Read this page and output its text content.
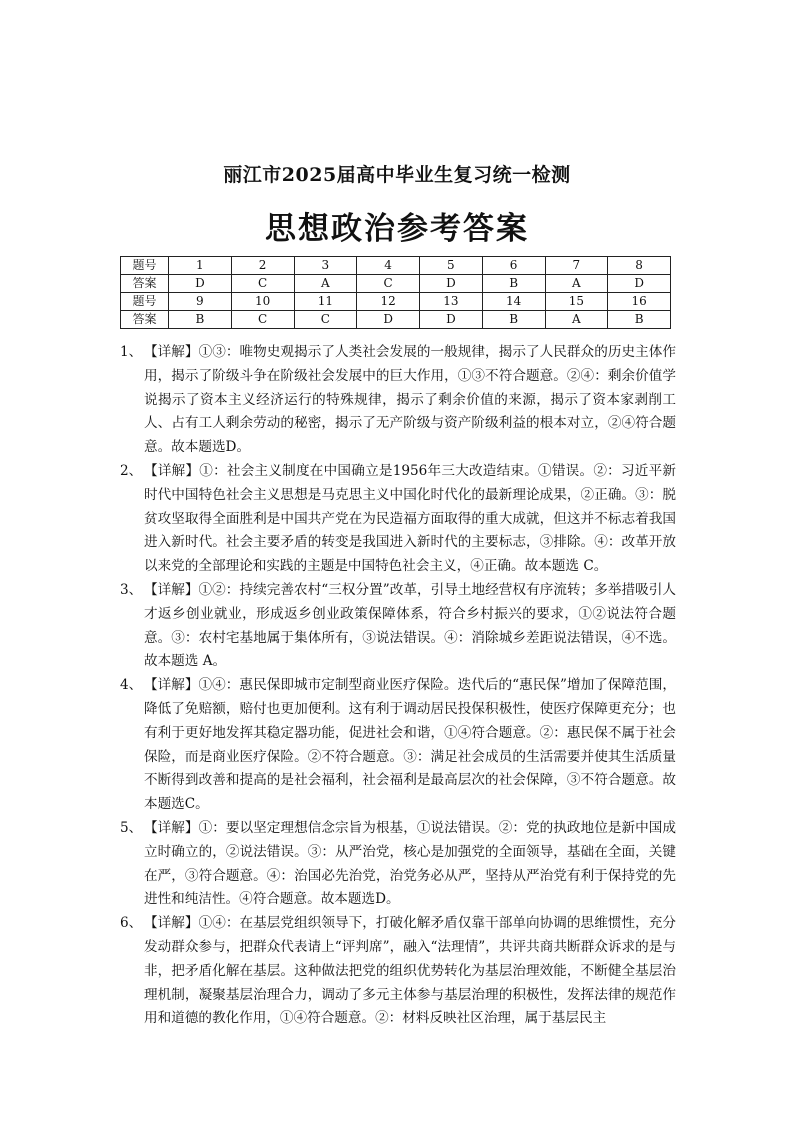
丽江市2025届高中毕业生复习统一检测
思想政治参考答案
题号	1	2	3	4	5	6	7	8
答案	D	C	A	C	D	B	A	D
题号	9	10	11	12	13	14	15	16
答案	B	C	C	D	D	B	A	B

1、 【详解】①③：唯物史观揭示了人类社会发展的一般规律，揭示了人民群众的历史主体作用，揭示了阶级斗争在阶级社会发展中的巨大作用，①③不符合题意。②④：剩余价值学说揭示了资本主义经济运行的特殊规律，揭示了剩余价值的来源，揭示了资本家剥削工人、占有工人剩余劳动的秘密，揭示了无产阶级与资产阶级利益的根本对立，②④符合题意。故本题选D。

2、 【详解】①：社会主义制度在中国确立是1956年三大改造结束。①错误。②：习近平新时代中国特色社会主义思想是马克思主义中国化时代化的最新理论成果，②正确。③：脱贫攻坚取得全面胜利是中国共产党在为民造福方面取得的重大成就，但这并不标志着我国进入新时代。社会主要矛盾的转变是我国进入新时代的主要标志，③排除。④：改革开放以来党的全部理论和实践的主题是中国特色社会主义，④正确。故本题选 C。

3、 【详解】①②：持续完善农村“三权分置”改革，引导土地经营权有序流转；多举措吸引人才返乡创业就业，形成返乡创业政策保障体系，符合乡村振兴的要求，①②说法符合题意。③：农村宅基地属于集体所有，③说法错误。④：消除城乡差距说法错误，④不选。故本题选 A。

4、 【详解】①④：惠民保即城市定制型商业医疗保险。迭代后的“惠民保”增加了保障范围，降低了免赔额，赔付也更加便利。这有利于调动居民投保积极性，使医疗保障更充分；也有利于更好地发挥其稳定器功能，促进社会和谐，①④符合题意。②：惠民保不属于社会保险，而是商业医疗保险。②不符合题意。③：满足社会成员的生活需要并使其生活质量不断得到改善和提高的是社会福利，社会福利是最高层次的社会保障，③不符合题意。故本题选C。

5、 【详解】①：要以坚定理想信念宗旨为根基，①说法错误。②：党的执政地位是新中国成立时确立的，②说法错误。③：从严治党，核心是加强党的全面领导，基础在全面，关键在严，③符合题意。④：治国必先治党，治党务必从严，坚持从严治党有利于保持党的先进性和纯洁性。④符合题意。故本题选D。

6、 【详解】①④：在基层党组织领导下，打破化解矛盾仅靠干部单向协调的思维惯性，充分发动群众参与，把群众代表请上“评判席”，融入“法理情”，共评共商共断群众诉求的是与非，把矛盾化解在基层。这种做法把党的组织优势转化为基层治理效能，不断健全基层治理机制，凝聚基层治理合力，调动了多元主体参与基层治理的积极性，发挥法律的规范作用和道德的教化作用，①④符合题意。②：材料反映社区治理，属于基层民主
